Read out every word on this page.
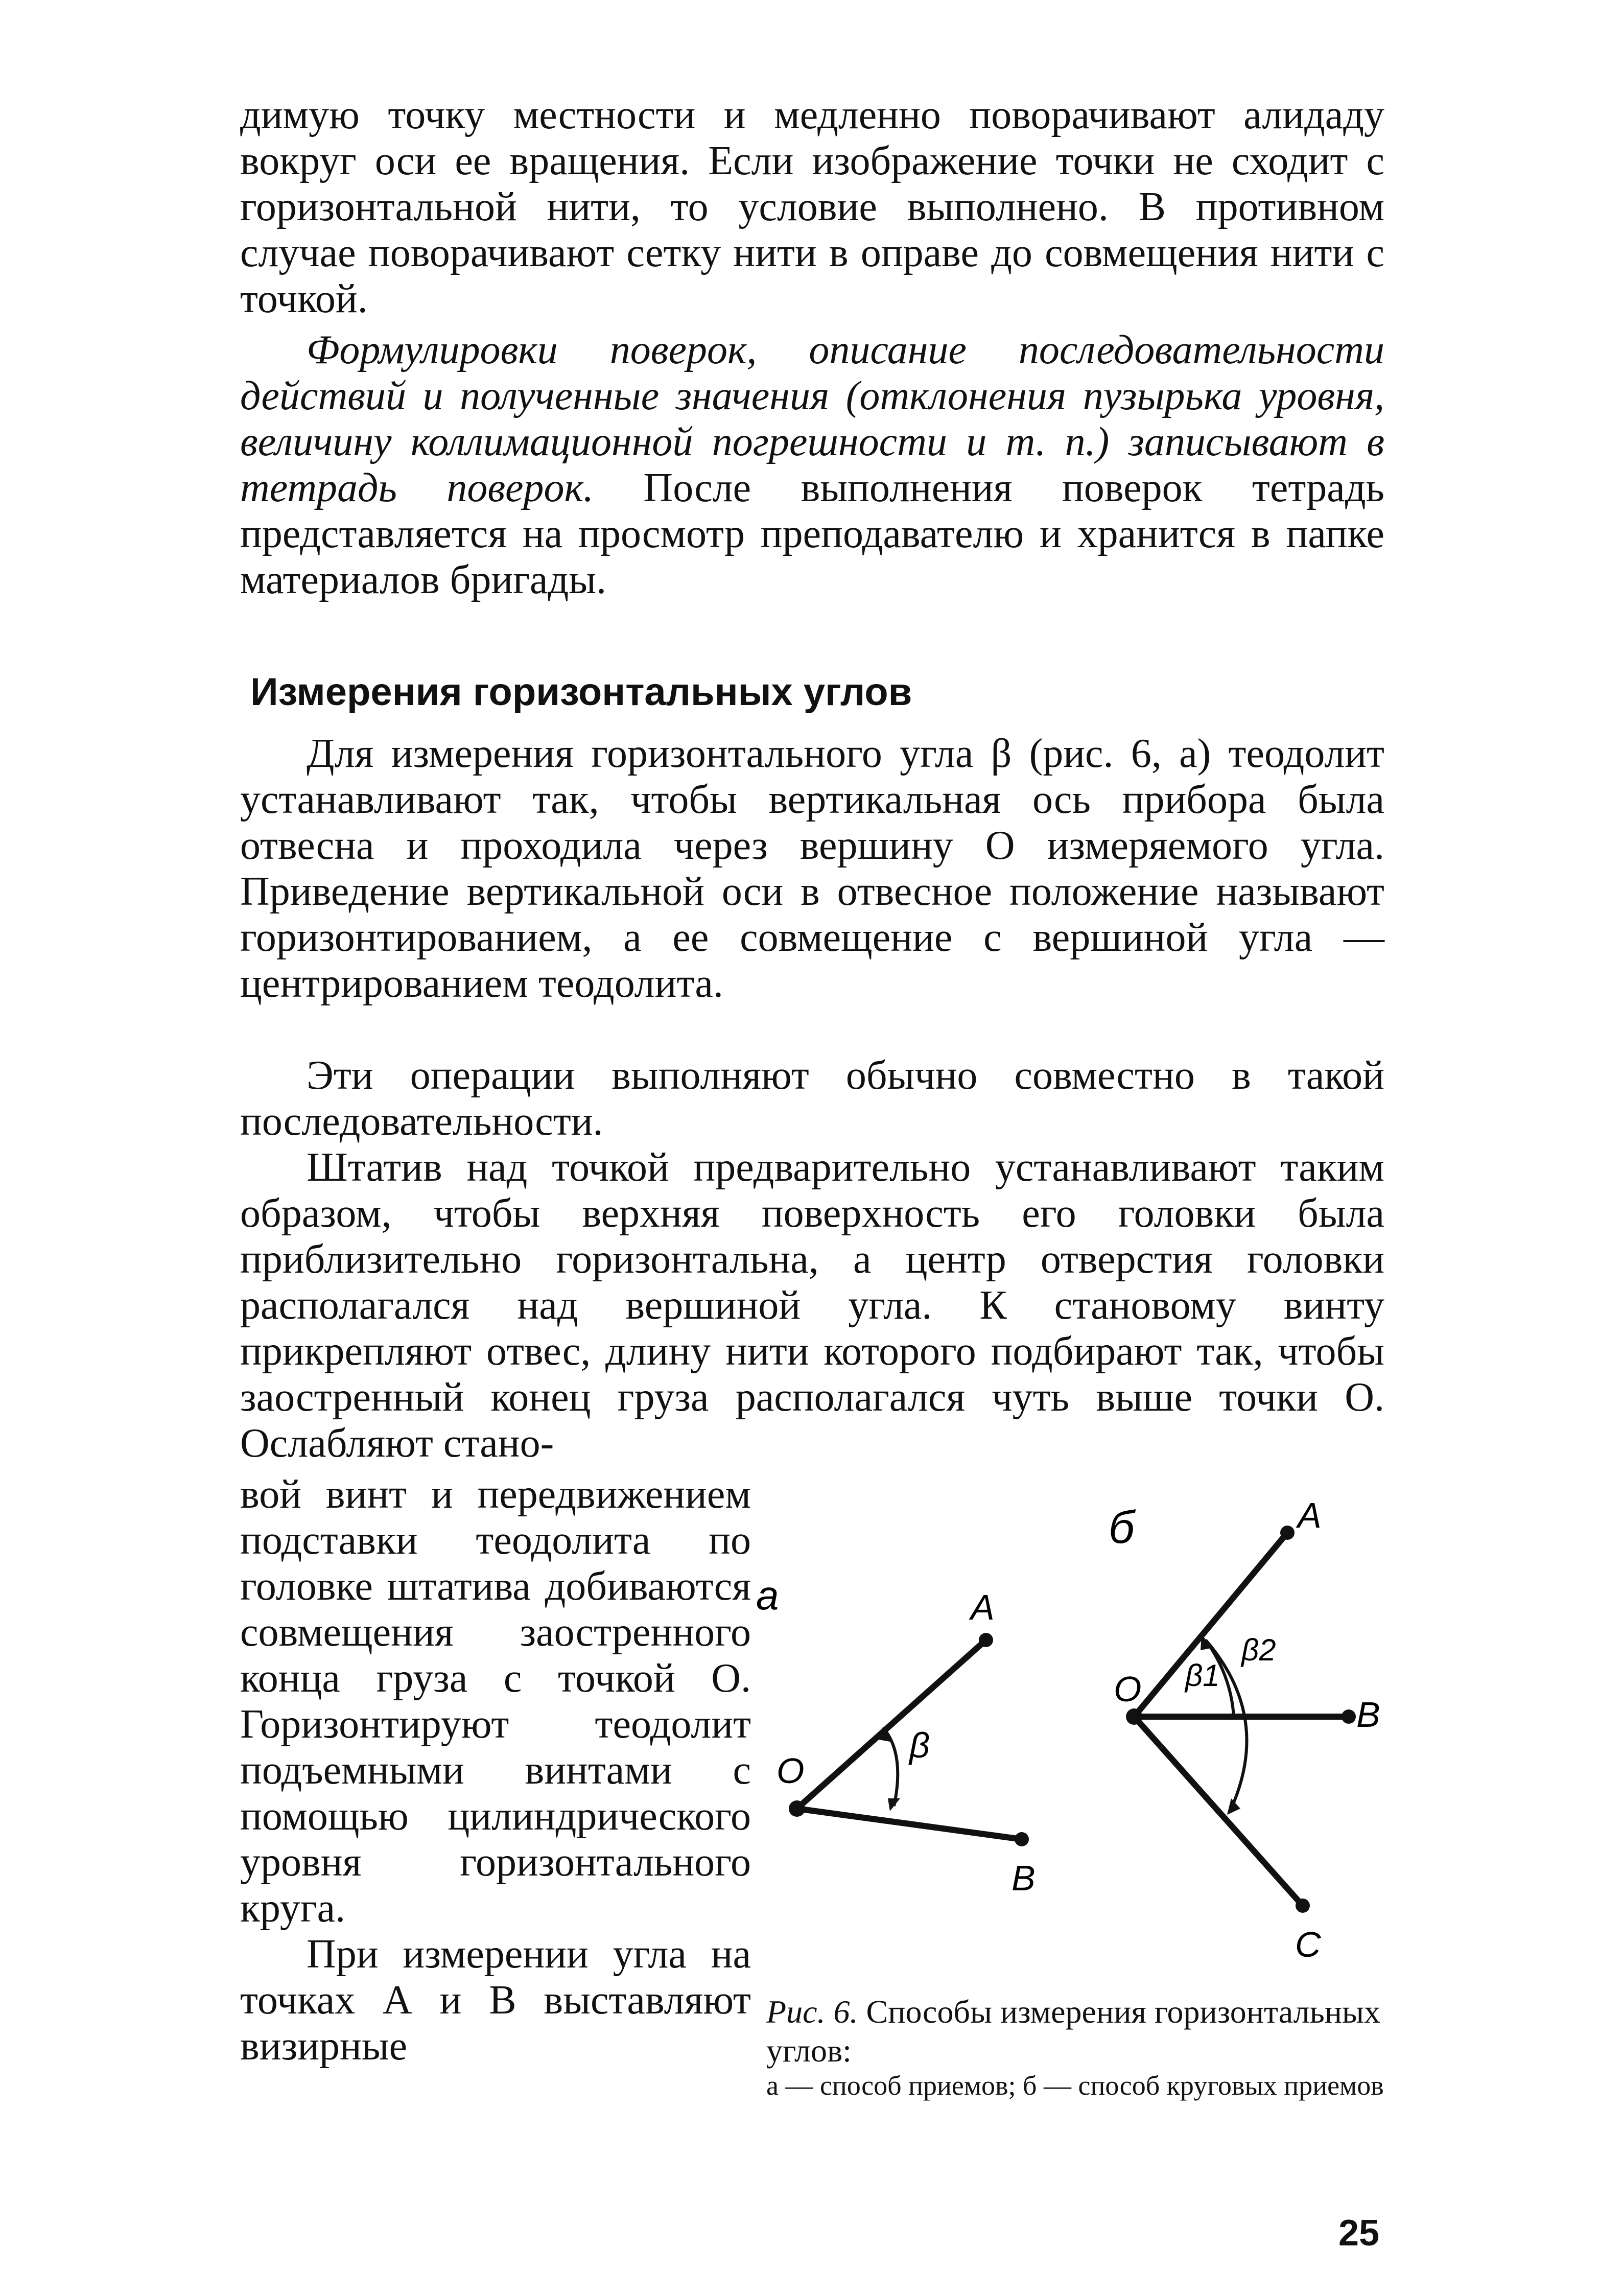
димую точку местности и медленно поворачивают алидаду вокруг оси ее вращения. Если изображение точки не сходит с горизонтальной нити, то условие выполнено. В противном случае поворачивают сетку нити в оправе до совмещения нити с точкой.

Формулировки поверок, описание последовательности действий и полученные значения (отклонения пузырька уровня, величину коллимационной погрешности и т. п.) записывают в тетрадь поверок. После выполнения поверок тетрадь представляется на просмотр преподавателю и хранится в папке материалов бригады.

Измерения горизонтальных углов

Для измерения горизонтального угла β (рис. 6, а) теодолит устанавливают так, чтобы вертикальная ось прибора была отвесна и проходила через вершину О измеряемого угла. Приведение вертикальной оси в отвесное положение называют горизонтированием, а ее совмещение с вершиной угла — центрированием теодолита.

Эти операции выполняют обычно совместно в такой последовательности.

Штатив над точкой предварительно устанавливают таким образом, чтобы верхняя поверхность его головки была приблизительно горизонтальна, а центр отверстия головки располагался над вершиной угла. К становому винту прикрепляют отвес, длину нити которого подбирают так, чтобы заостренный конец груза располагался чуть выше точки О. Ослабляют стано-

вой винт и передвижением подставки теодолита по головке штатива добиваются совмещения заостренного конца груза с точкой О. Горизонтируют теодолит подъемными винтами с помощью цилиндрического уровня горизонтального круга.

При измерении угла на точках А и В выставляют визирные

а
О
А
В
β
б
О
А
В
С
β1
β2
Рис. 6. Способы измерения горизонтальных углов:
а — способ приемов; б — способ круговых приемов
25
